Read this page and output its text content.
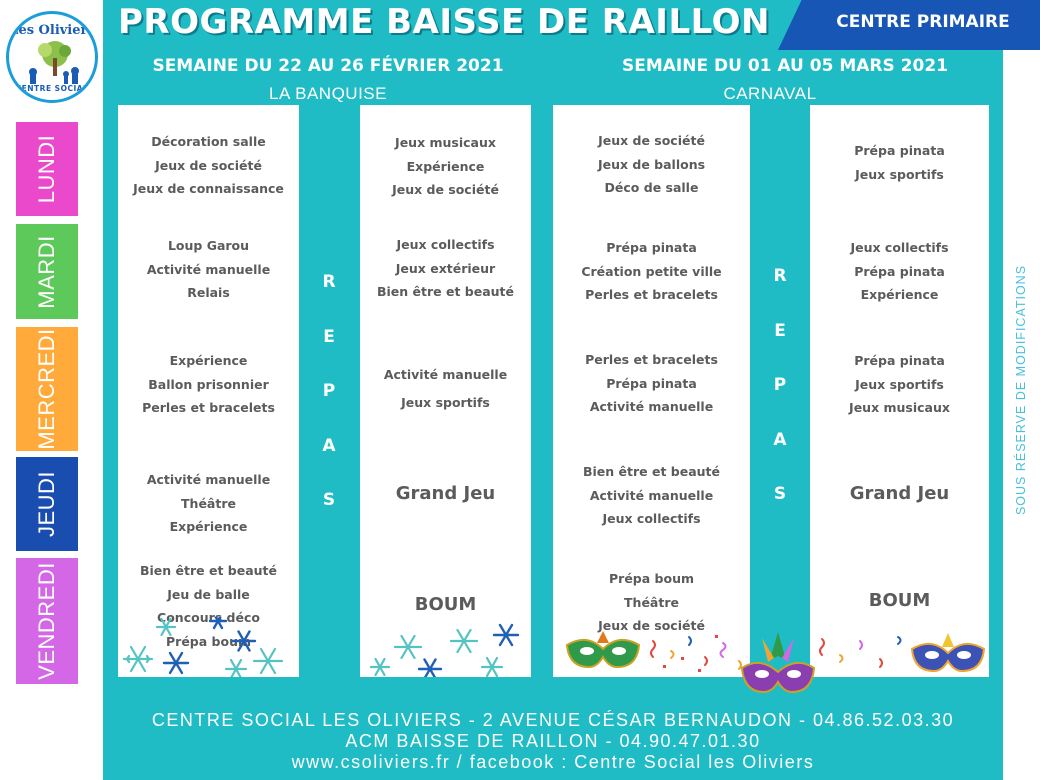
Les Oliviers
CENTRE SOCIAL
PROGRAMME BAISSE DE RAILLON	CENTRE PRIMAIRE
SEMAINE DU 22 AU 26 FÉVRIER 2021
LA BANQUISE
SEMAINE DU 01 AU 05 MARS 2021
CARNAVAL
LUNDI
MARDI
MERCREDI
JEUDI
VENDREDI
Décoration salle
Jeux de société
Jeux de connaissance
Loup Garou
Activité manuelle
Relais
Expérience
Ballon prisonnier
Perles et bracelets
Activité manuelle
Théâtre
Expérience
Bien être et beauté
Jeu de balle
Concours déco
Prépa boum
R
E
P
A
S
Jeux musicaux
Expérience
Jeux de société
Jeux collectifs
Jeux extérieur
Bien être et beauté
Activité manuelle
Jeux sportifs
Grand Jeu
BOUM
Jeux de société
Jeux de ballons
Déco de salle
Prépa pinata
Création petite ville
Perles et bracelets
Perles et bracelets
Prépa pinata
Activité manuelle
Bien être et beauté
Activité manuelle
Jeux collectifs
Prépa boum
Théâtre
Jeux de société
R
E
P
A
S
Prépa pinata
Jeux sportifs
Jeux collectifs
Prépa pinata
Expérience
Prépa pinata
Jeux sportifs
Jeux musicaux
Grand Jeu
BOUM
SOUS RÉSERVE DE MODIFICATIONS
CENTRE SOCIAL LES OLIVIERS - 2 AVENUE CÉSAR BERNAUDON - 04.86.52.03.30
ACM BAISSE DE RAILLON - 04.90.47.01.30
www.csoliviers.fr / facebook : Centre Social les Oliviers
